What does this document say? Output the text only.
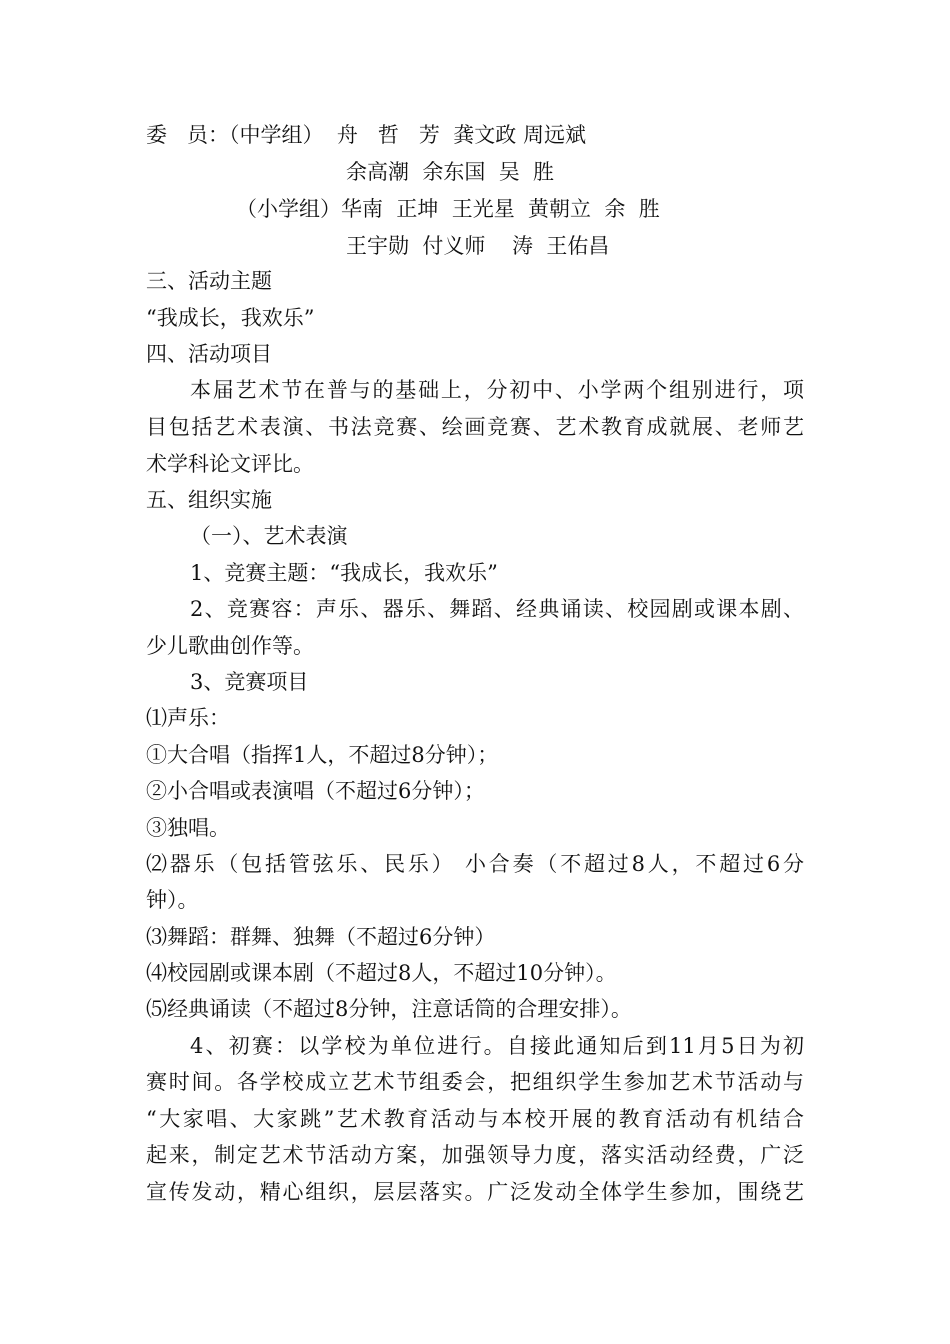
委   员：（中学组）  舟   哲   芳  龚文政 周远斌
余高潮  余东国  吴  胜
（小学组）华南  正坤  王光星  黄朝立  余  胜
王宇勋  付义师    涛  王佑昌
三、活动主题
“我成长，我欢乐”
四、活动项目
本届艺术节在普与的基础上，分初中、小学两个组别进行，项
目包括艺术表演、书法竞赛、绘画竞赛、艺术教育成就展、老师艺
术学科论文评比。
五、组织实施
（一）、艺术表演
1、竞赛主题：“我成长，我欢乐”
2、竞赛容：声乐、器乐、舞蹈、经典诵读、校园剧或课本剧、
少儿歌曲创作等。
3、竞赛项目
⑴声乐：
①大合唱（指挥1人，不超过8分钟）；
②小合唱或表演唱（不超过6分钟）；
③独唱。
⑵器乐（包括管弦乐、民乐） 小合奏（不超过8人，不超过6分
钟）。
⑶舞蹈：群舞、独舞（不超过6分钟）
⑷校园剧或课本剧（不超过8人，不超过10分钟）。
⑸经典诵读（不超过8分钟，注意话筒的合理安排）。
4、初赛：以学校为单位进行。自接此通知后到11月5日为初
赛时间。各学校成立艺术节组委会，把组织学生参加艺术节活动与
“大家唱、大家跳”艺术教育活动与本校开展的教育活动有机结合
起来，制定艺术节活动方案，加强领导力度，落实活动经费，广泛
宣传发动，精心组织，层层落实。广泛发动全体学生参加，围绕艺
